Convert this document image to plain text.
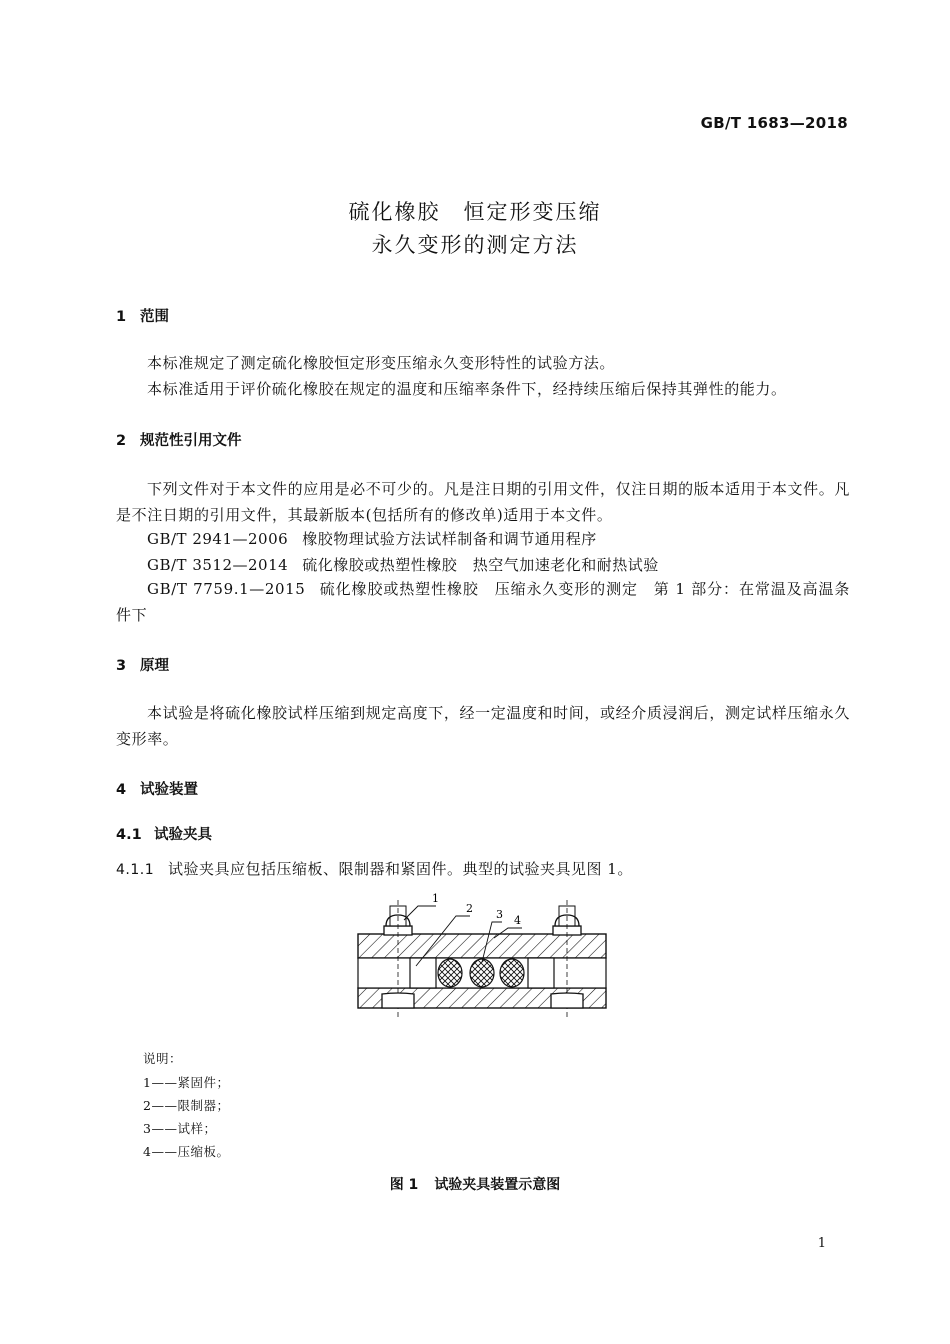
GB/T 1683—2018
硫化橡胶　恒定形变压缩
永久变形的测定方法
1 范围
本标准规定了测定硫化橡胶恒定形变压缩永久变形特性的试验方法。
本标准适用于评价硫化橡胶在规定的温度和压缩率条件下，经持续压缩后保持其弹性的能力。
2 规范性引用文件
下列文件对于本文件的应用是必不可少的。凡是注日期的引用文件，仅注日期的版本适用于本文件。凡是不注日期的引用文件，其最新版本(包括所有的修改单)适用于本文件。
GB/T 2941—2006 橡胶物理试验方法试样制备和调节通用程序
GB/T 3512—2014 硫化橡胶或热塑性橡胶　热空气加速老化和耐热试验
GB/T 7759.1—2015 硫化橡胶或热塑性橡胶　压缩永久变形的测定　第 1 部分：在常温及高温条件下
3 原理
本试验是将硫化橡胶试样压缩到规定高度下，经一定温度和时间，或经介质浸润后，测定试样压缩永久变形率。
4 试验装置
4.1 试验夹具
4.1.1 试验夹具应包括压缩板、限制器和紧固件。典型的试验夹具见图 1。
1
2 3 4
说明：
1——紧固件；
2——限制器；
3——试样；
4——压缩板。
图 1 试验夹具装置示意图
1
